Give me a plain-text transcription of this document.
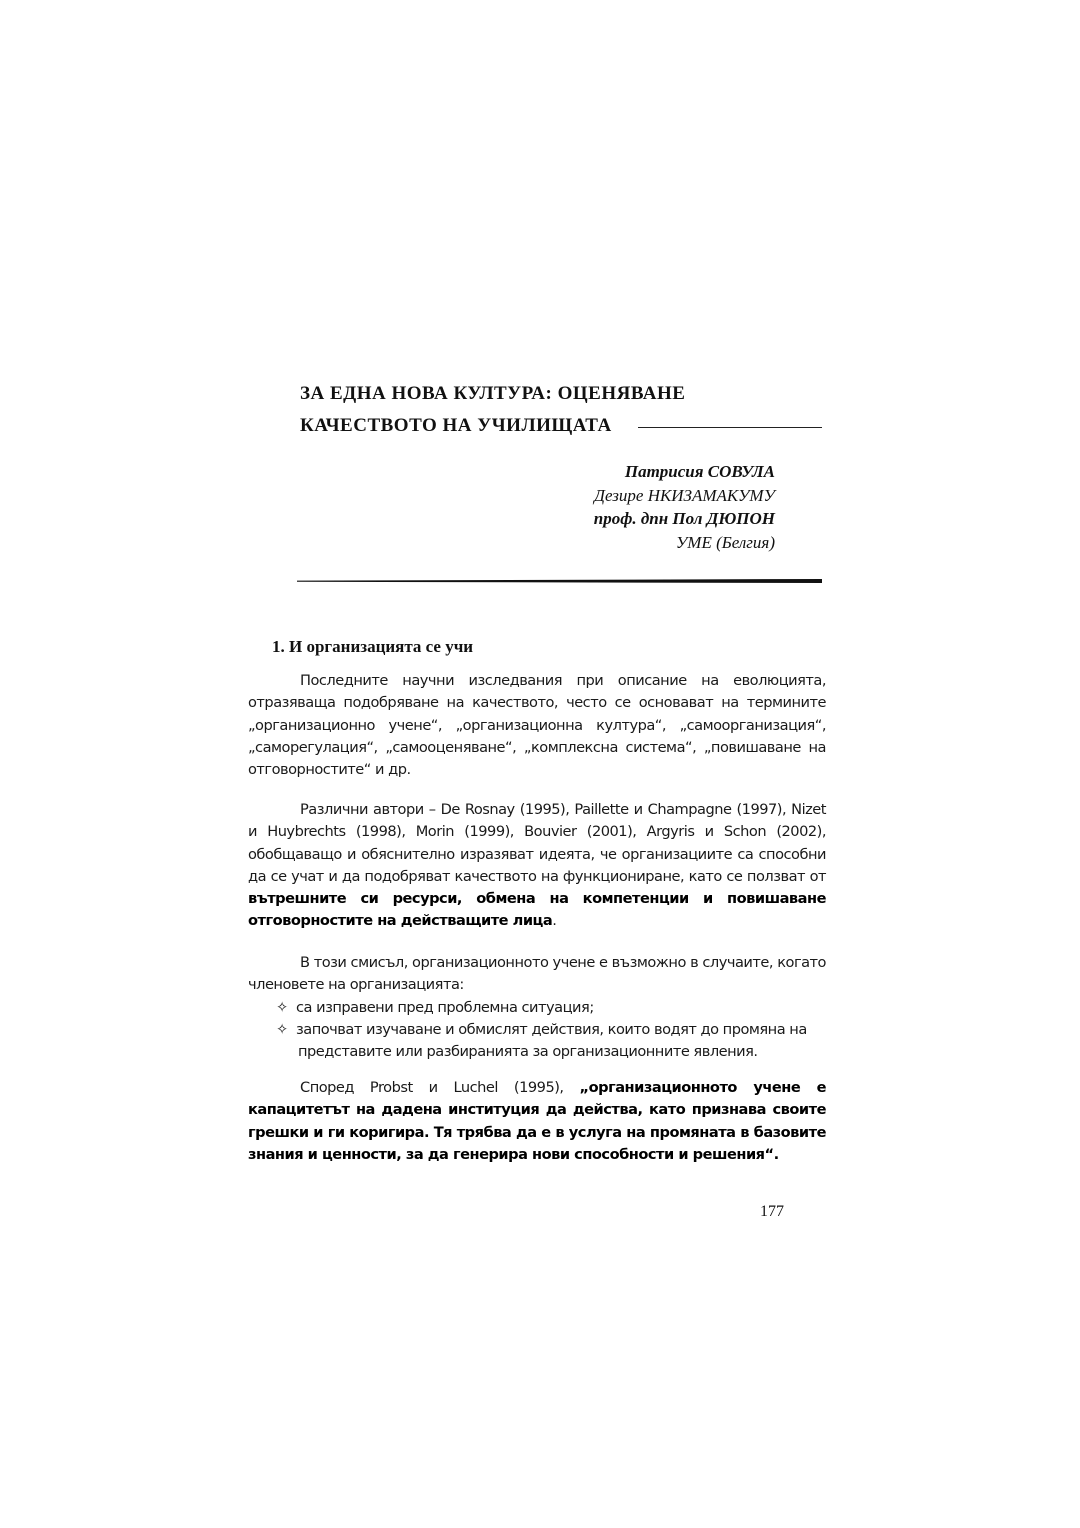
ЗА ЕДНА НОВА КУЛТУРА: ОЦЕНЯВАНЕ
КАЧЕСТВОТО НА УЧИЛИЩАТА
Патрисия СОВУЛА
Дезире НКИЗАМАКУМУ
проф. дпн Пол ДЮПОН
УМЕ (Белгия)
1. И организацията се учи

Последните научни изследвания при описание на еволюцията, отразяваща подобряване на качеството, често се основават на термините „организационно учене“, „организационна култура“, „самоорганизация“, „саморегулация“, „самооценяване“, „комплексна система“, „повишаване на отговорностите“ и др.

Различни автори – De Rosnay (1995), Paillette и Champagne (1997), Nizet и Huybrechts (1998), Morin (1999), Bouvier (2001), Argyris и Schon (2002), обобщаващо и обяснително изразяват идеята, че организациите са способни да се учат и да подобряват качеството на функциониране, като се ползват от вътрешните си ресурси, обмена на компетенции и повишаване отговорностите на действащите лица.

В този смисъл, организационното учене е възможно в случаите, когато членовете на организацията:

✧ са изправени пред проблемна ситуация;
✧ започват изучаване и обмислят действия, които водят до промяна на представите или разбиранията за организационните явления.

Според Probst и Luchel (1995), „организационното учене е капацитетът на дадена институция да действа, като признава своите грешки и ги коригира. Тя трябва да е в услуга на промяната в базовите знания и ценности, за да генерира нови способности и решения“.

177
